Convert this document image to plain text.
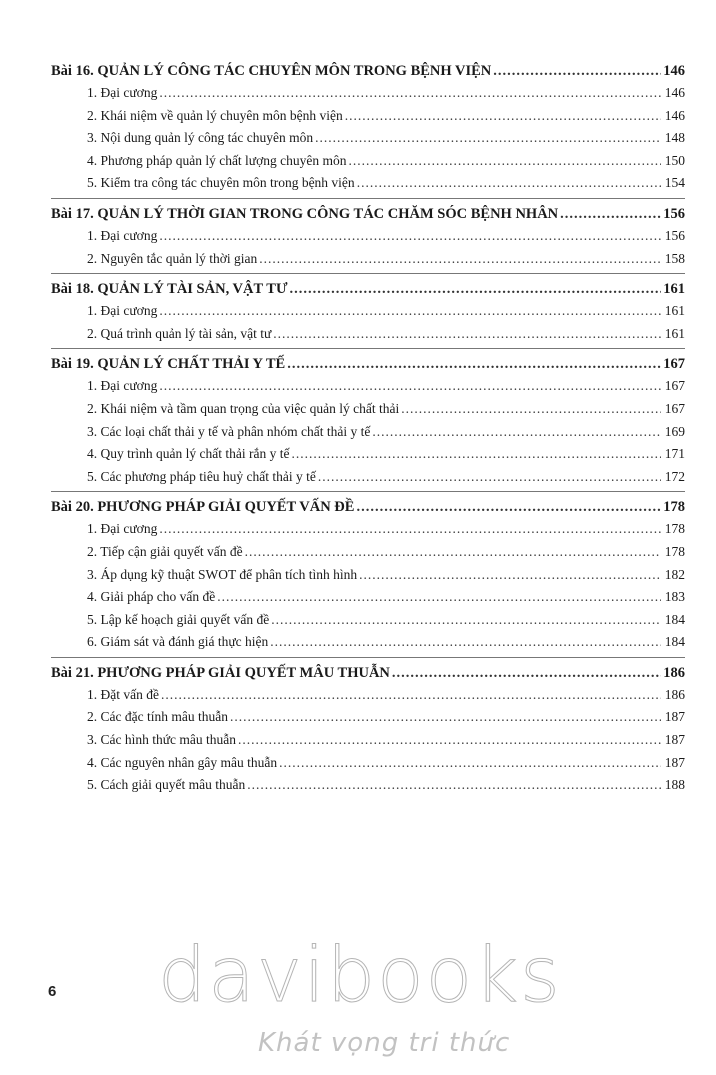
Bài 16. QUẢN LÝ CÔNG TÁC CHUYÊN MÔN TRONG BỆNH VIỆN .....	146
1. Đại cương .....	146
2. Khái niệm về quản lý chuyên môn bệnh viện .....	146
3. Nội dung quản lý công tác chuyên môn .....	148
4. Phương pháp quản lý chất lượng chuyên môn .....	150
5. Kiểm tra công tác chuyên môn trong bệnh viện .....	154
Bài 17. QUẢN LÝ THỜI GIAN TRONG CÔNG TÁC CHĂM SÓC BỆNH NHÂN .....	156
1. Đại cương .....	156
2. Nguyên tắc quản lý thời gian .....	158
Bài 18. QUẢN LÝ TÀI SẢN, VẬT TƯ .....	161
1. Đại cương .....	161
2. Quá trình quản lý tài sản, vật tư .....	161
Bài 19. QUẢN LÝ CHẤT THẢI Y TẾ .....	167
1. Đại cương .....	167
2. Khái niệm và tầm quan trọng của việc quản lý chất thải .....	167
3. Các loại chất thải y tế và phân nhóm chất thải y tế .....	169
4. Quy trình quản lý chất thải rắn y tế .....	171
5. Các phương pháp tiêu huỷ chất thải y tế .....	172
Bài 20. PHƯƠNG PHÁP GIẢI QUYẾT VẤN ĐỀ .....	178
1. Đại cương .....	178
2. Tiếp cận giải quyết vấn đề .....	178
3. Áp dụng kỹ thuật SWOT để phân tích tình hình .....	182
4. Giải pháp cho vấn đề .....	183
5. Lập kế hoạch giải quyết vấn đề .....	184
6. Giám sát và đánh giá thực hiện .....	184
Bài 21. PHƯƠNG PHÁP GIẢI QUYẾT MÂU THUẪN .....	186
1. Đặt vấn đề .....	186
2. Các đặc tính mâu thuẫn .....	187
3. Các hình thức mâu thuẫn .....	187
4. Các nguyên nhân gây mâu thuẫn .....	187
5. Cách giải quyết mâu thuẫn .....	188
6 davibooks
Khát vọng tri thức
